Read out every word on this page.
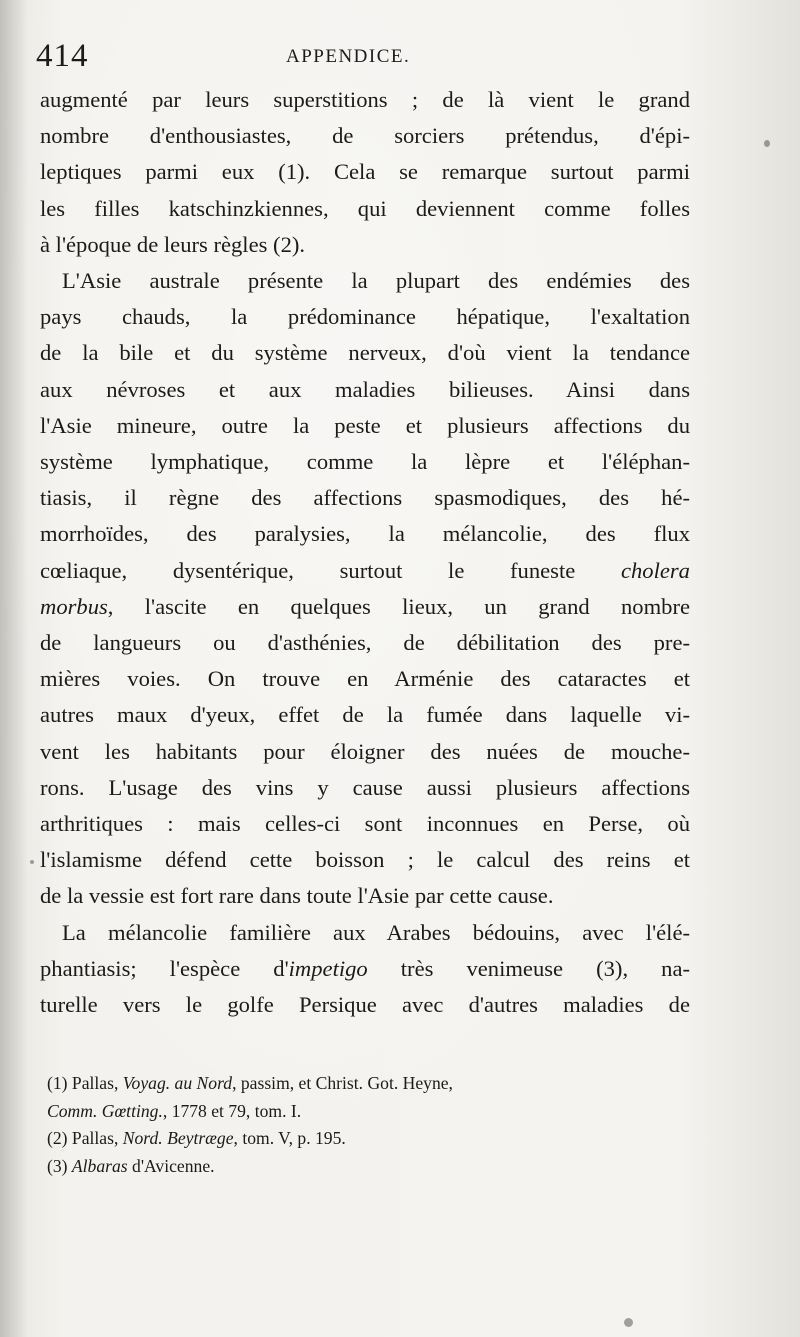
414	APPENDICE.
augmenté par leurs superstitions ; de là vient le grand
nombre d'enthousiastes, de sorciers prétendus, d'épi-
leptiques parmi eux (1). Cela se remarque surtout parmi
les filles katschinzkiennes, qui deviennent comme folles
à l'époque de leurs règles (2).
L'Asie australe présente la plupart des endémies des
pays chauds, la prédominance hépatique, l'exaltation
de la bile et du système nerveux, d'où vient la tendance
aux névroses et aux maladies bilieuses. Ainsi dans
l'Asie mineure, outre la peste et plusieurs affections du
système lymphatique, comme la lèpre et l'éléphan-
tiasis, il règne des affections spasmodiques, des hé-
morrhoïdes, des paralysies, la mélancolie, des flux
cœliaque, dysentérique, surtout le funeste cholera
morbus, l'ascite en quelques lieux, un grand nombre
de langueurs ou d'asthénies, de débilitation des pre-
mières voies. On trouve en Arménie des cataractes et
autres maux d'yeux, effet de la fumée dans laquelle vi-
vent les habitants pour éloigner des nuées de mouche-
rons. L'usage des vins y cause aussi plusieurs affections
arthritiques : mais celles-ci sont inconnues en Perse, où
l'islamisme défend cette boisson ; le calcul des reins et
de la vessie est fort rare dans toute l'Asie par cette cause.
La mélancolie familière aux Arabes bédouins, avec l'élé-
phantiasis; l'espèce d'impetigo très venimeuse (3), na-
turelle vers le golfe Persique avec d'autres maladies de
(1) Pallas, Voyag. au Nord, passim, et Christ. Got. Heyne,
Comm. Gœtting., 1778 et 79, tom. I.
(2) Pallas, Nord. Beytræge, tom. V, p. 195.
(3) Albaras d'Avicenne.
